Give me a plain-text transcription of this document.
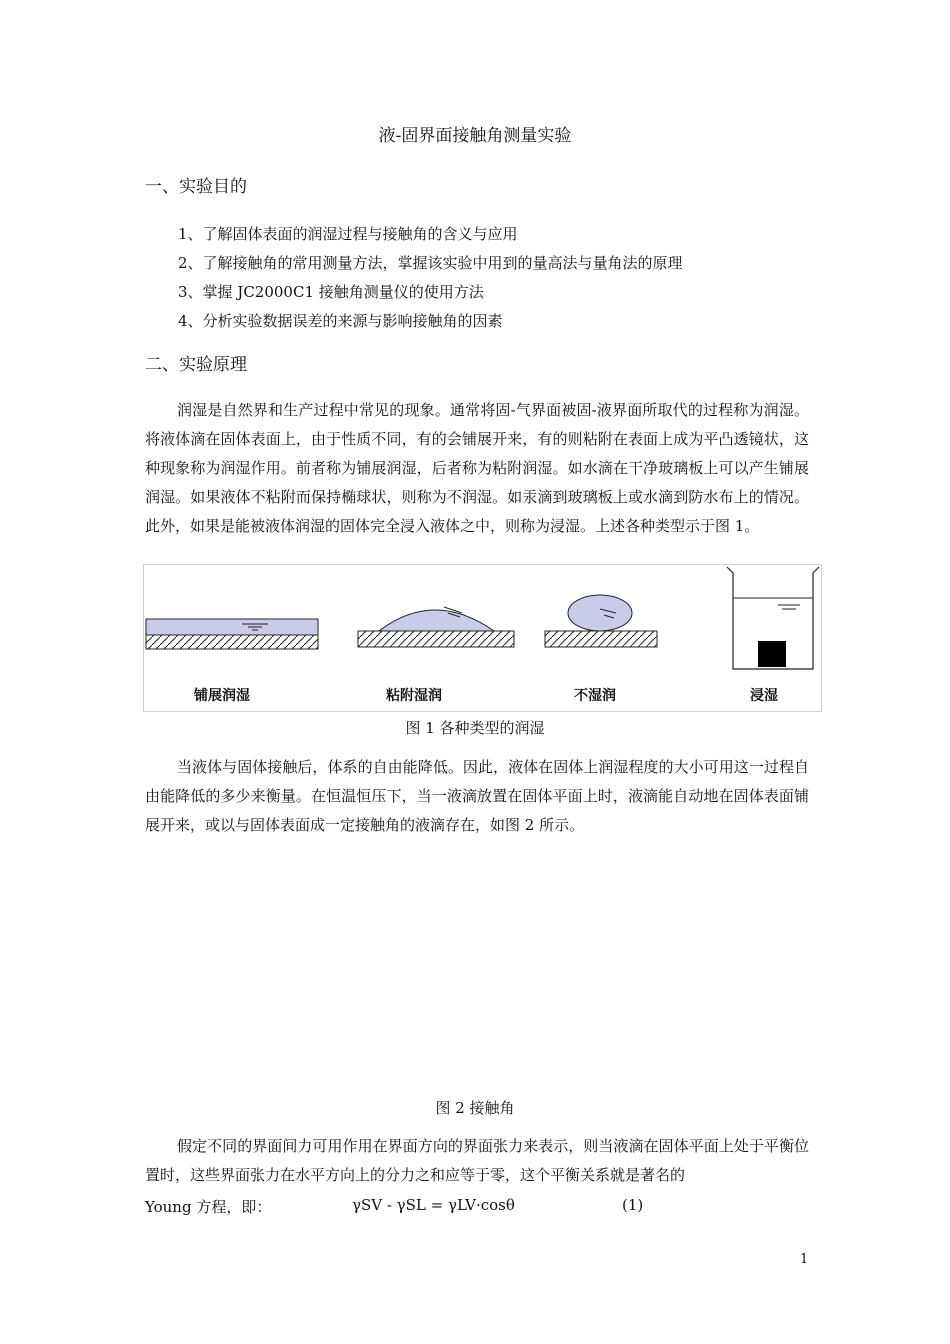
液-固界面接触角测量实验
一、实验目的
1、了解固体表面的润湿过程与接触角的含义与应用
2、了解接触角的常用测量方法，掌握该实验中用到的量高法与量角法的原理
3、掌握 JC2000C1 接触角测量仪的使用方法
4、分析实验数据误差的来源与影响接触角的因素
二、实验原理
润湿是自然界和生产过程中常见的现象。通常将固-气界面被固-液界面所取代的过程称为润湿。将液体滴在固体表面上，由于性质不同，有的会铺展开来，有的则粘附在表面上成为平凸透镜状，这种现象称为润湿作用。前者称为铺展润湿，后者称为粘附润湿。如水滴在干净玻璃板上可以产生铺展润湿。如果液体不粘附而保持椭球状，则称为不润湿。如汞滴到玻璃板上或水滴到防水布上的情况。此外，如果是能被液体润湿的固体完全浸入液体之中，则称为浸湿。上述各种类型示于图 1。
铺展润湿	粘附湿润	不湿润	浸湿
图 1 各种类型的润湿
当液体与固体接触后，体系的自由能降低。因此，液体在固体上润湿程度的大小可用这一过程自由能降低的多少来衡量。在恒温恒压下，当一液滴放置在固体平面上时，液滴能自动地在固体表面铺展开来，或以与固体表面成一定接触角的液滴存在，如图 2 所示。
图 2 接触角
假定不同的界面间力可用作用在界面方向的界面张力来表示，则当液滴在固体平面上处于平衡位置时，这些界面张力在水平方向上的分力之和应等于零，这个平衡关系就是著名的
Young 方程，即：	γSV - γSL = γLV·cosθ	(1)
1
